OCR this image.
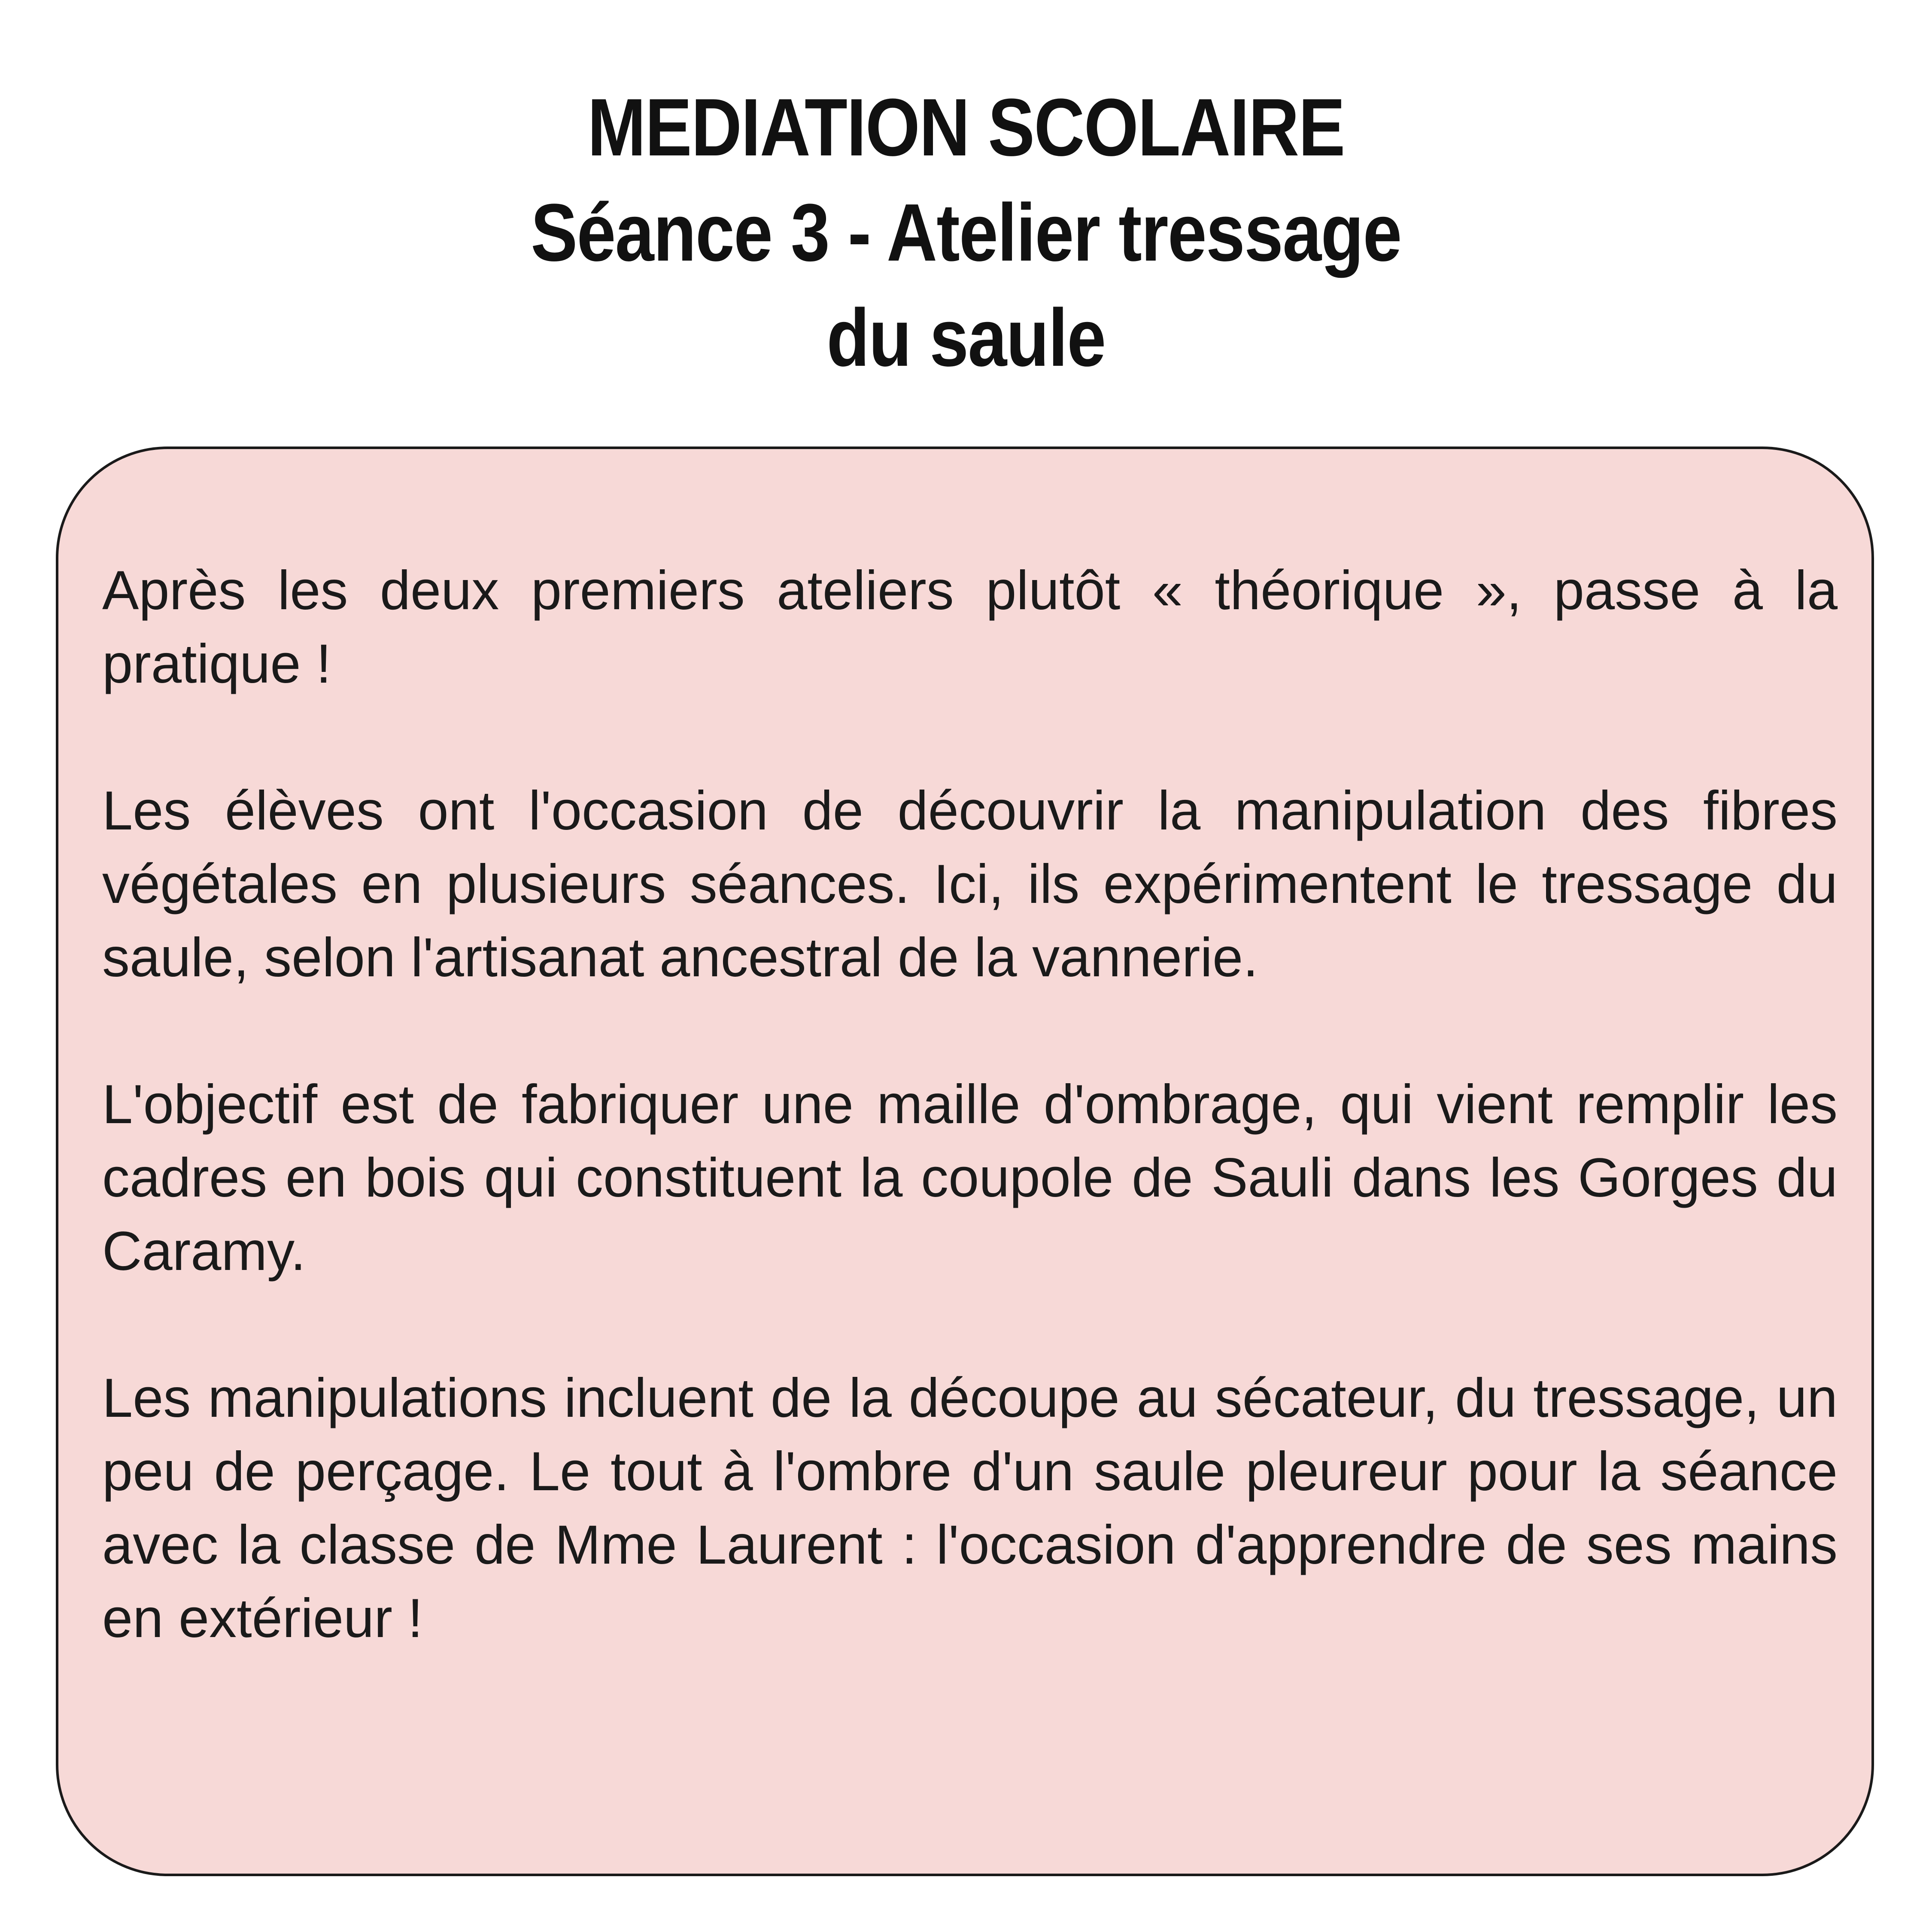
MEDIATION SCOLAIRE
Séance 3 - Atelier tressage
du saule

Après les deux premiers ateliers plutôt « théorique », passe à la pratique !

Les élèves ont l'occasion de découvrir la manipulation des fibres végétales en plusieurs séances. Ici, ils expérimentent le tressage du saule, selon l'artisanat ancestral de la vannerie.

L'objectif est de fabriquer une maille d'ombrage, qui vient remplir les cadres en bois qui constituent la coupole de Sauli dans les Gorges du Caramy.

Les manipulations incluent de la découpe au sécateur, du tressage, un peu de perçage. Le tout à l'ombre d'un saule pleureur pour la séance avec la classe de Mme Laurent : l'occasion d'apprendre de ses mains en extérieur !
